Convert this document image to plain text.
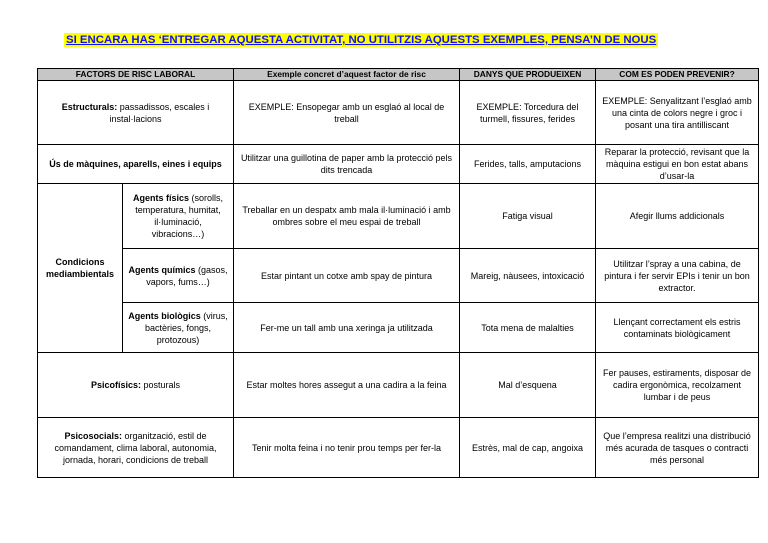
SI ENCARA HAS ‘ENTREGAR AQUESTA ACTIVITAT, NO UTILITZIS AQUESTS EXEMPLES, PENSA’N DE NOUS
FACTORS DE RISC LABORAL		Exemple concret d’aquest factor de risc	DANYS QUE PRODUEIXEN	COM ES PODEN PREVENIR?
Estructurals: passadissos, escales i instal·lacions		EXEMPLE: Ensopegar amb un esglaó al local de treball	EXEMPLE: Torcedura del turmell, fissures, ferides	EXEMPLE: Senyalitzant l’esglaó amb una cinta de colors negre i groc i posant una tira antilliscant
Ús de màquines, aparells, eines i equips		Utilitzar una guillotina de paper amb la protecció pels dits trencada	Ferides, talls, amputacions	Reparar la protecció, revisant que la màquina estigui en bon estat abans d’usar-la
Condicions mediambientals	Agents físics (sorolls, temperatura, humitat, il·luminació, vibracions…)	Treballar en un despatx amb mala il·luminació i amb ombres sobre el meu espai de treball	Fatiga visual	Afegir llums addicionals
	Agents químics (gasos, vapors, fums…)	Estar pintant un cotxe amb spay de pintura	Mareig, nàusees, intoxicació	Utilitzar l’spray a una cabina, de pintura i fer servir EPIs i tenir un bon extractor.
	Agents biològics (virus, bactèries, fongs, protozous)	Fer-me un tall amb una xeringa ja utilitzada	Tota mena de malalties	Llençant correctament els estris contaminats biològicament
Psicofísics: posturals		Estar moltes hores assegut a una cadira a la feina	Mal d’esquena	Fer pauses, estiraments, disposar de cadira ergonòmica, recolzament lumbar i de peus
Psicosocials: organització, estil de comandament, clima laboral, autonomia, jornada, horari, condicions de treball		Tenir molta feina i no tenir prou temps per fer-la	Estrès, mal de cap, angoixa	Que l’empresa realitzi una distribució més acurada de tasques o contracti més personal
